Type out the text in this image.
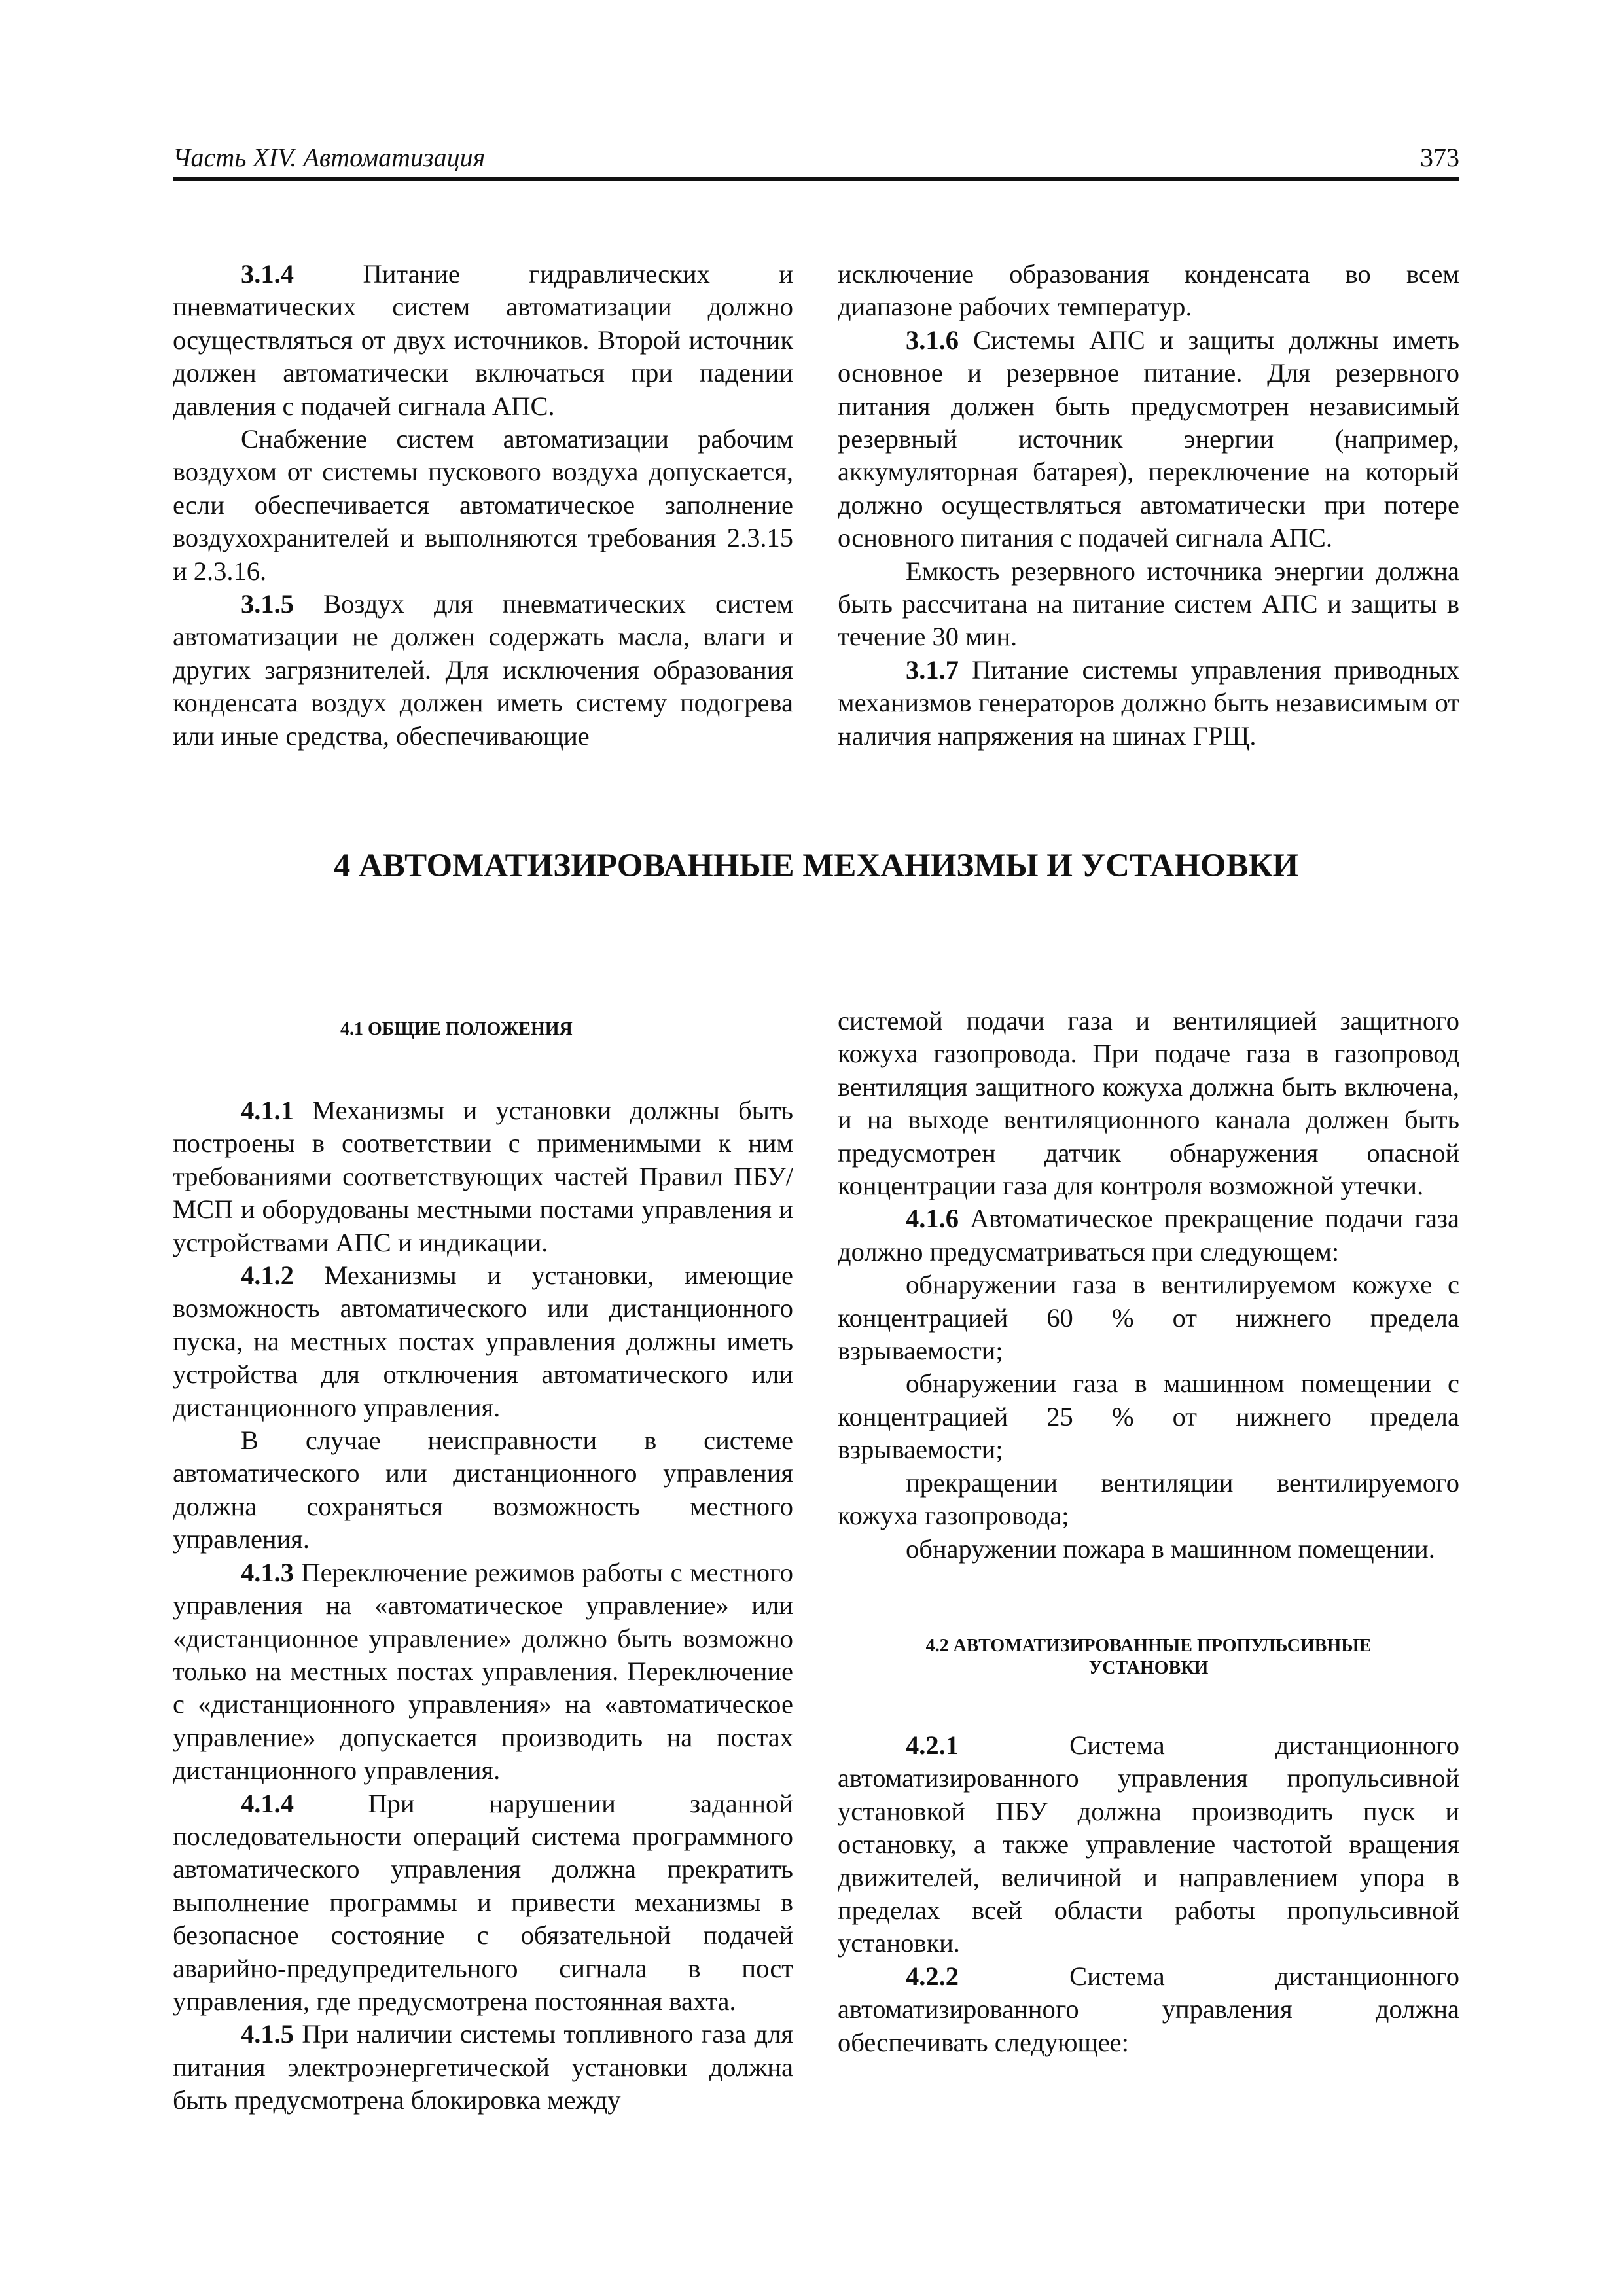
Часть XIV. Автоматизация	373

3.1.4 Питание гидравлических и пневматических систем автоматизации должно осуществляться от двух источников. Второй источник должен автоматически включаться при падении давления с подачей сигнала АПС.

Снабжение систем автоматизации рабочим воздухом от системы пускового воздуха допускается, если обеспечивается автоматическое заполнение воздухохранителей и выполняются требования 2.3.15 и 2.3.16.

3.1.5 Воздух для пневматических систем автоматизации не должен содержать масла, влаги и других загрязнителей. Для исключения образования конденсата воздух должен иметь систему подогрева или иные средства, обеспечивающие

исключение образования конденсата во всем диапазоне рабочих температур.

3.1.6 Системы АПС и защиты должны иметь основное и резервное питание. Для резервного питания должен быть предусмотрен независимый резервный источник энергии (например, аккумуляторная батарея), переключение на который должно осуществляться автоматически при потере основного питания с подачей сигнала АПС.

Емкость резервного источника энергии должна быть рассчитана на питание систем АПС и защиты в течение 30 мин.

3.1.7 Питание системы управления приводных механизмов генераторов должно быть независимым от наличия напряжения на шинах ГРЩ.

4 АВТОМАТИЗИРОВАННЫЕ МЕХАНИЗМЫ И УСТАНОВКИ

4.1 ОБЩИЕ ПОЛОЖЕНИЯ

4.1.1 Механизмы и установки должны быть построены в соответствии с применимыми к ним требованиями соответствующих частей Правил ПБУ/МСП и оборудованы местными постами управления и устройствами АПС и индикации.

4.1.2 Механизмы и установки, имеющие возможность автоматического или дистанционного пуска, на местных постах управления должны иметь устройства для отключения автоматического или дистанционного управления.

В случае неисправности в системе автоматического или дистанционного управления должна сохраняться возможность местного управления.

4.1.3 Переключение режимов работы с местного управления на «автоматическое управление» или «дистанционное управление» должно быть возможно только на местных постах управления. Переключение с «дистанционного управления» на «автоматическое управление» допускается производить на постах дистанционного управления.

4.1.4 При нарушении заданной последовательности операций система программного автоматического управления должна прекратить выполнение программы и привести механизмы в безопасное состояние с обязательной подачей аварийно-предупредительного сигнала в пост управления, где предусмотрена постоянная вахта.

4.1.5 При наличии системы топливного газа для питания электроэнергетической установки должна быть предусмотрена блокировка между

системой подачи газа и вентиляцией защитного кожуха газопровода. При подаче газа в газопровод вентиляция защитного кожуха должна быть включена, и на выходе вентиляционного канала должен быть предусмотрен датчик обнаружения опасной концентрации газа для контроля возможной утечки.

4.1.6 Автоматическое прекращение подачи газа должно предусматриваться при следующем:

обнаружении газа в вентилируемом кожухе с концентрацией 60 % от нижнего предела взрываемости;

обнаружении газа в машинном помещении с концентрацией 25 % от нижнего предела взрываемости;

прекращении вентиляции вентилируемого кожуха газопровода;

обнаружении пожара в машинном помещении.

4.2 АВТОМАТИЗИРОВАННЫЕ ПРОПУЛЬСИВНЫЕ

УСТАНОВКИ

4.2.1 Система дистанционного автоматизированного управления пропульсивной установкой ПБУ должна производить пуск и остановку, а также управление частотой вращения движителей, величиной и направлением упора в пределах всей области работы пропульсивной установки.

4.2.2 Система дистанционного автоматизированного управления должна обеспечивать следующее:
